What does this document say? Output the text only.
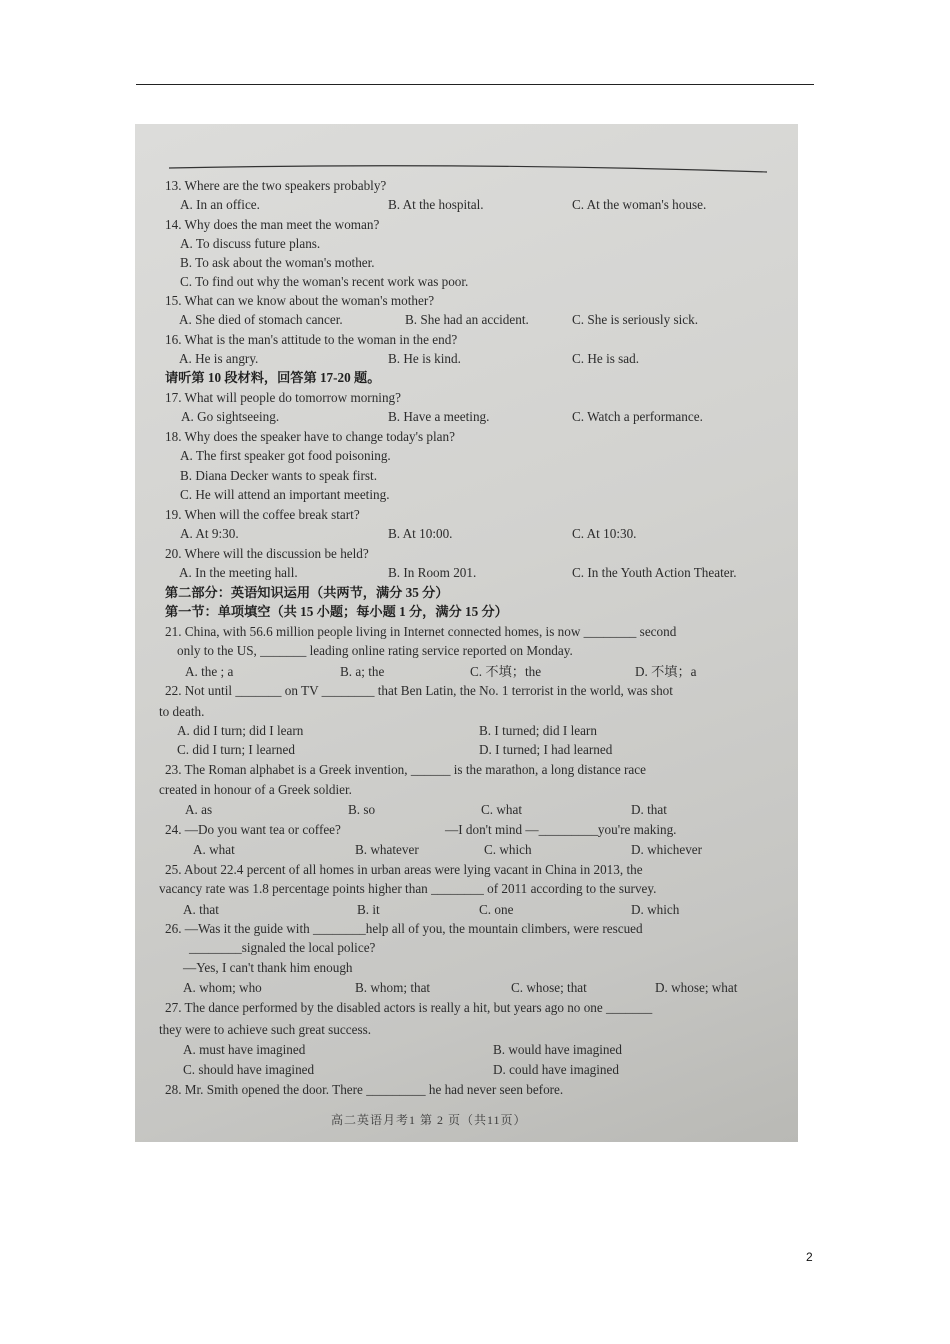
13. Where are the two speakers probably?
A. In an office.	B. At the hospital.	C. At the woman's house.
14. Why does the man meet the woman?
A. To discuss future plans.
B. To ask about the woman's mother.
C. To find out why the woman's recent work was poor.
15. What can we know about the woman's mother?
A. She died of stomach cancer.	B. She had an accident.	C. She is seriously sick.
16. What is the man's attitude to the woman in the end?
A. He is angry.	B. He is kind.	C. He is sad.
请听第 10 段材料，回答第 17-20 题。
17. What will people do tomorrow morning?
A. Go sightseeing.	B. Have a meeting.	C. Watch a performance.
18. Why does the speaker have to change today's plan?
A. The first speaker got food poisoning.
B. Diana Decker wants to speak first.
C. He will attend an important meeting.
19. When will the coffee break start?
A. At 9:30.	B. At 10:00.	C. At 10:30.
20. Where will the discussion be held?
A. In the meeting hall.	B. In Room 201.	C. In the Youth Action Theater.
第二部分：英语知识运用（共两节，满分 35 分）
第一节：单项填空（共 15 小题；每小题 1 分，满分 15 分）
21. China, with 56.6 million people living in Internet connected homes, is now ________ second
only to the US, _______ leading online rating service reported on Monday.
A. the ; a	B. a; the	C. 不填；the	D. 不填；a
22. Not until _______ on TV ________ that Ben Latin, the No. 1 terrorist in the world, was shot
to death.
A. did I turn; did I learn	B. I turned; did I learn
C. did I turn; I learned	D. I turned; I had learned
23. The Roman alphabet is a Greek invention, ______ is the marathon, a long distance race
created in honour of a Greek soldier.
A. as	B. so	C. what	D. that
24. —Do you want tea or coffee?	—I don't mind —_________you're making.
A. what	B. whatever	C. which	D. whichever
25. About 22.4 percent of all homes in urban areas were lying vacant in China in 2013, the
vacancy rate was 1.8 percentage points higher than ________ of 2011 according to the survey.
A. that	B. it	C. one	D. which
26. —Was it the guide with ________help all of you, the mountain climbers, were rescued
________signaled the local police?
—Yes, I can't thank him enough
A. whom; who	B. whom; that	C. whose; that	D. whose; what
27. The dance performed by the disabled actors is really a hit, but years ago no one _______
they were to achieve such great success.
A. must have imagined	B. would have imagined
C. should have imagined	D. could have imagined
28. Mr. Smith opened the door. There _________ he had never seen before.
高二英语月考1 第 2 页（共11页）
2
